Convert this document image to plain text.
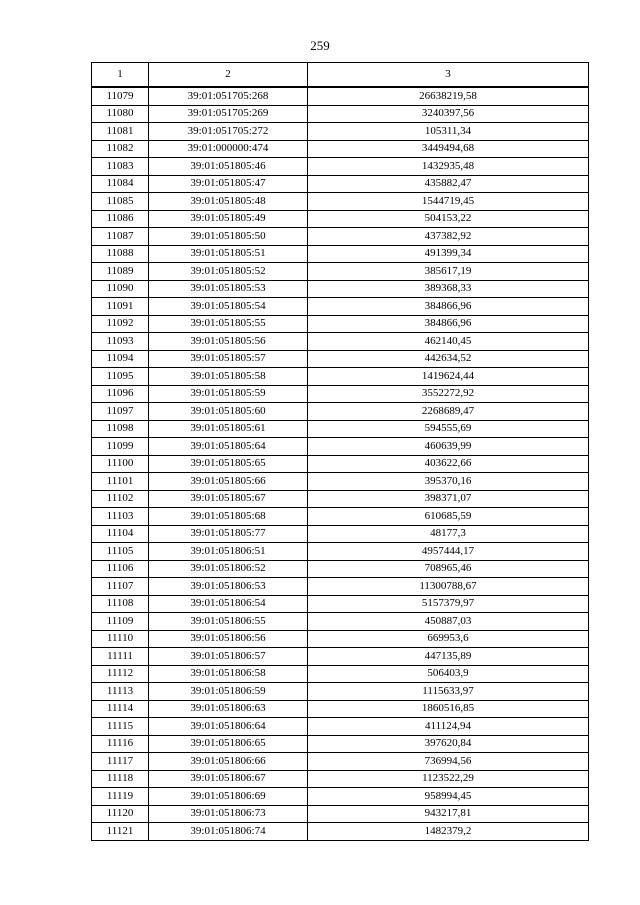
259
1	2	3
11079	39:01:051705:268	26638219,58
11080	39:01:051705:269	3240397,56
11081	39:01:051705:272	105311,34
11082	39:01:000000:474	3449494,68
11083	39:01:051805:46	1432935,48
11084	39:01:051805:47	435882,47
11085	39:01:051805:48	1544719,45
11086	39:01:051805:49	504153,22
11087	39:01:051805:50	437382,92
11088	39:01:051805:51	491399,34
11089	39:01:051805:52	385617,19
11090	39:01:051805:53	389368,33
11091	39:01:051805:54	384866,96
11092	39:01:051805:55	384866,96
11093	39:01:051805:56	462140,45
11094	39:01:051805:57	442634,52
11095	39:01:051805:58	1419624,44
11096	39:01:051805:59	3552272,92
11097	39:01:051805:60	2268689,47
11098	39:01:051805:61	594555,69
11099	39:01:051805:64	460639,99
11100	39:01:051805:65	403622,66
11101	39:01:051805:66	395370,16
11102	39:01:051805:67	398371,07
11103	39:01:051805:68	610685,59
11104	39:01:051805:77	48177,3
11105	39:01:051806:51	4957444,17
11106	39:01:051806:52	708965,46
11107	39:01:051806:53	11300788,67
11108	39:01:051806:54	5157379,97
11109	39:01:051806:55	450887,03
11110	39:01:051806:56	669953,6
11111	39:01:051806:57	447135,89
11112	39:01:051806:58	506403,9
11113	39:01:051806:59	1115633,97
11114	39:01:051806:63	1860516,85
11115	39:01:051806:64	411124,94
11116	39:01:051806:65	397620,84
11117	39:01:051806:66	736994,56
11118	39:01:051806:67	1123522,29
11119	39:01:051806:69	958994,45
11120	39:01:051806:73	943217,81
11121	39:01:051806:74	1482379,2
